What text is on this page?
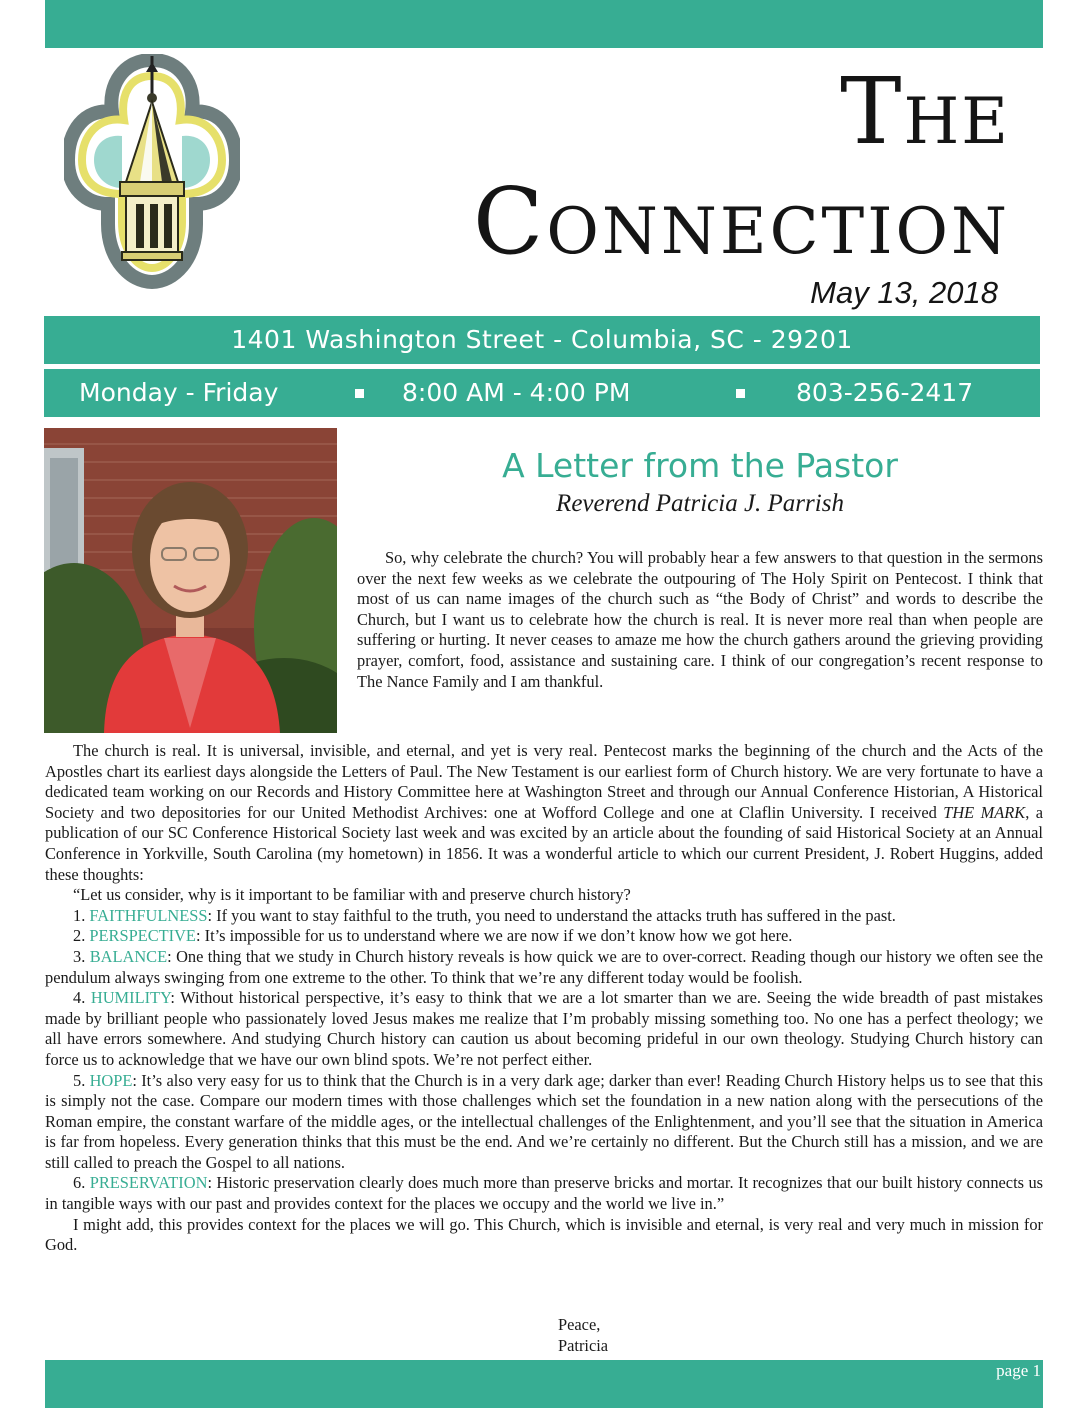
The
Connection
May 13, 2018
1401 Washington Street - Columbia, SC - 29201
Monday - Friday	8:00 AM - 4:00 PM	803-256-2417
A Letter from the Pastor
Reverend Patricia J. Parrish

So, why celebrate the church? You will probably hear a few answers to that question in the sermons over the next few weeks as we celebrate the outpouring of The Holy Spirit on Pentecost. I think that most of us can name images of the church such as “the Body of Christ” and words to describe the Church, but I want us to celebrate how the church is real. It is never more real than when people are suffering or hurting. It never ceases to amaze me how the church gathers around the grieving providing prayer, comfort, food, assistance and sustaining care. I think of our congregation’s recent response to The Nance Family and I am thankful.

The church is real. It is universal, invisible, and eternal, and yet is very real. Pentecost marks the beginning of the church and the Acts of the Apostles chart its earliest days alongside the Letters of Paul. The New Testament is our earliest form of Church history. We are very fortunate to have a dedicated team working on our Records and History Committee here at Washington Street and through our Annual Conference Historian, A Historical Society and two depositories for our United Methodist Archives: one at Wofford College and one at Claflin University. I received THE MARK, a publication of our SC Conference Historical Society last week and was excited by an article about the founding of said Historical Society at an Annual Conference in Yorkville, South Carolina (my hometown) in 1856. It was a wonderful article to which our current President, J. Robert Huggins, added these thoughts:

“Let us consider, why is it important to be familiar with and preserve church history?

1. FAITHFULNESS: If you want to stay faithful to the truth, you need to understand the attacks truth has suffered in the past.

2. PERSPECTIVE: It’s impossible for us to understand where we are now if we don’t know how we got here.

3. BALANCE: One thing that we study in Church history reveals is how quick we are to over-correct. Reading though our history we often see the pendulum always swinging from one extreme to the other. To think that we’re any different today would be foolish.

4. HUMILITY: Without historical perspective, it’s easy to think that we are a lot smarter than we are. Seeing the wide breadth of past mistakes made by brilliant people who passionately loved Jesus makes me realize that I’m probably missing something too. No one has a perfect theology; we all have errors somewhere. And studying Church history can caution us about becoming prideful in our own theology. Studying Church history can force us to acknowledge that we have our own blind spots. We’re not perfect either.

5. HOPE: It’s also very easy for us to think that the Church is in a very dark age; darker than ever! Reading Church History helps us to see that this is simply not the case. Compare our modern times with those challenges which set the foundation in a new nation along with the persecutions of the Roman empire, the constant warfare of the middle ages, or the intellectual challenges of the Enlightenment, and you’ll see that the situation in America is far from hopeless. Every generation thinks that this must be the end. And we’re certainly no different. But the Church still has a mission, and we are still called to preach the Gospel to all nations.

6. PRESERVATION: Historic preservation clearly does much more than preserve bricks and mortar. It recognizes that our built history connects us in tangible ways with our past and provides context for the places we occupy and the world we live in.”

I might add, this provides context for the places we will go. This Church, which is invisible and eternal, is very real and very much in mission for God.

Peace,
Patricia
page 1
